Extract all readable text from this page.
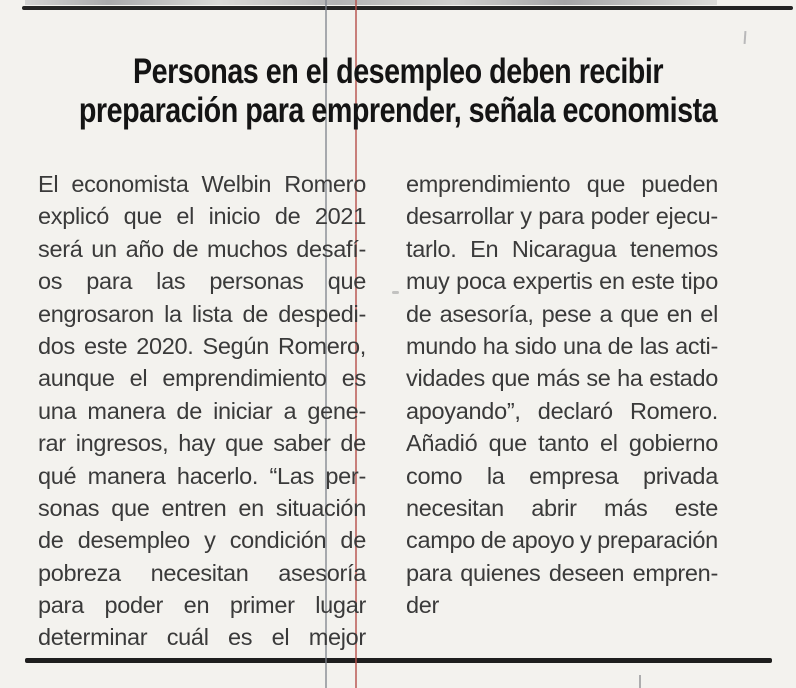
Personas en el desempleo deben recibir
preparación para emprender, señala economista
El economista Welbin Romero
explicó que el inicio de 2021
será un año de muchos desafí-
os para las personas que
engrosaron la lista de despedi-
dos este 2020. Según Romero,
aunque el emprendimiento es
una manera de iniciar a gene-
rar ingresos, hay que saber de
qué manera hacerlo. “Las per-
sonas que entren en situación
de desempleo y condición de
pobreza necesitan asesoría
para poder en primer lugar
determinar cuál es el mejor
emprendimiento que pueden
desarrollar y para poder ejecu-
tarlo. En Nicaragua tenemos
muy poca expertis en este tipo
de asesoría, pese a que en el
mundo ha sido una de las acti-
vidades que más se ha estado
apoyando”, declaró Romero.
Añadió que tanto el gobierno
como la empresa privada
necesitan abrir más este
campo de apoyo y preparación
para quienes deseen empren-
der
